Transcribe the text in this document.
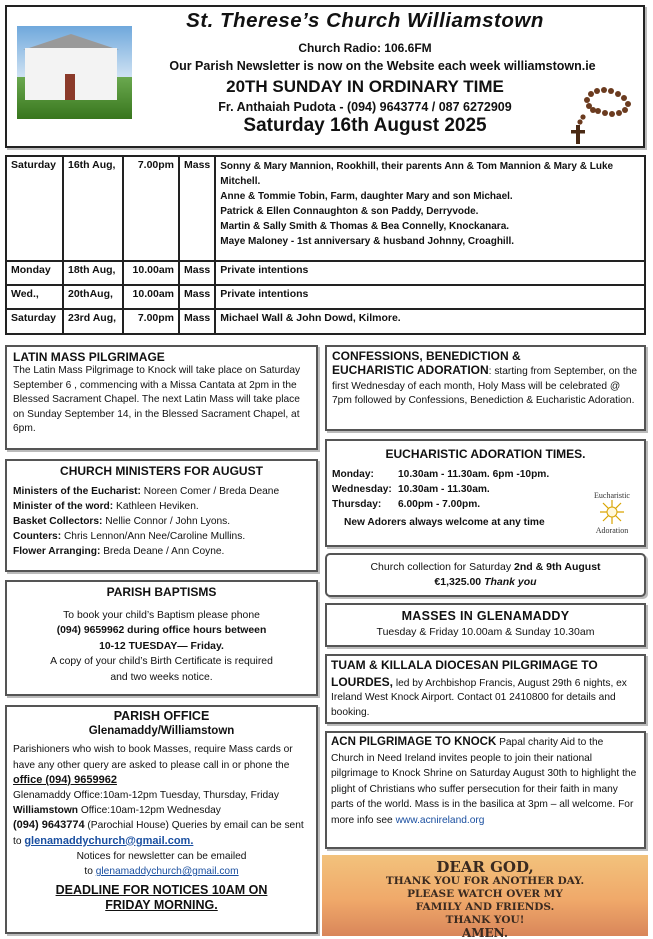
St. Therese’s Church Williamstown
Church Radio: 106.6FM
Our Parish Newsletter is now on the Website each week williamstown.ie
20TH SUNDAY IN ORDINARY TIME
Fr. Anthaiah Pudota - (094) 9643774 / 087 6272909
Saturday 16th August 2025
Saturday	16th Aug,	7.00pm	Mass	Sonny & Mary Mannion, Rookhill, their parents Ann & Tom Mannion & Mary & Luke Mitchell.
Anne & Tommie Tobin, Farm, daughter Mary and son Michael.
Patrick & Ellen Connaughton & son Paddy, Derryvode.
Martin & Sally Smith & Thomas & Bea Connelly, Knockanara.
Maye Maloney - 1st anniversary & husband Johnny, Croaghill.

Monday	18th Aug,	10.00am	Mass	Private intentions
Wed.,	20thAug,	10.00am	Mass	Private intentions
Saturday	23rd Aug,	7.00pm	Mass	Michael Wall & John Dowd, Kilmore.
LATIN MASS PILGRIMAGE
The Latin Mass Pilgrimage to Knock will take place on Saturday September 6 , commencing with a Missa Cantata at 2pm in the Blessed Sacrament Chapel. The next Latin Mass will take place on Sunday September 14, in the Blessed Sacrament Chapel, at 6pm.
CHURCH MINISTERS FOR AUGUST
Ministers of the Eucharist: Noreen Comer / Breda Deane
Minister of the word: Kathleen Heviken.
Basket Collectors: Nellie Connor / John Lyons.
Counters: Chris Lennon/Ann Nee/Caroline Mullins.
Flower Arranging: Breda Deane / Ann Coyne.
PARISH BAPTISMS
To book your child’s Baptism please phone
(094) 9659962 during office hours between
10-12 TUESDAY— Friday.
A copy of your child’s Birth Certificate is required
and two weeks notice.
PARISH OFFICE
Glenamaddy/Williamstown
Parishioners who wish to book Masses, require Mass cards or have any other query are asked to please call in or phone the office (094) 9659962
Glenamaddy Office:10am-12pm Tuesday, Thursday, Friday
Williamstown Office:10am-12pm Wednesday
(094) 9643774 (Parochial House) Queries by email can be sent to glenamaddychurch@gmail.com.
Notices for newsletter can be emailed
to glenamaddychurch@gmail.com
DEADLINE FOR NOTICES 10AM ON
FRIDAY MORNING.
CONFESSIONS, BENEDICTION &
EUCHARISTIC ADORATION: starting from September, on the first Wednesday of each month, Holy Mass will be celebrated @ 7pm followed by Confessions, Benediction & Eucharistic Adoration.
EUCHARISTIC ADORATION TIMES.
Monday: 10.30am - 11.30am. 6pm -10pm.
Wednesday: 10.30am - 11.30am.
Thursday: 6.00pm - 7.00pm.
New Adorers always welcome at any time
Eucharistic
Adoration
Church collection for Saturday 2nd & 9th August
€1,325.00 Thank you
MASSES IN GLENAMADDY
Tuesday & Friday 10.00am & Sunday 10.30am
TUAM & KILLALA DIOCESAN PILGRIMAGE TO LOURDES, led by Archbishop Francis, August 29th 6 nights, ex Ireland West Knock Airport. Contact 01 2410800 for details and booking.
ACN PILGRIMAGE TO KNOCK Papal charity Aid to the Church in Need Ireland invites people to join their national pilgrimage to Knock Shrine on Saturday August 30th to highlight the plight of Christians who suffer persecution for their faith in many parts of the world. Mass is in the basilica at 3pm – all welcome. For more info see www.acnireland.org
DEAR GOD,
THANK YOU FOR ANOTHER DAY.
PLEASE WATCH OVER MY
FAMILY AND FRIENDS.
THANK YOU!
AMEN.
